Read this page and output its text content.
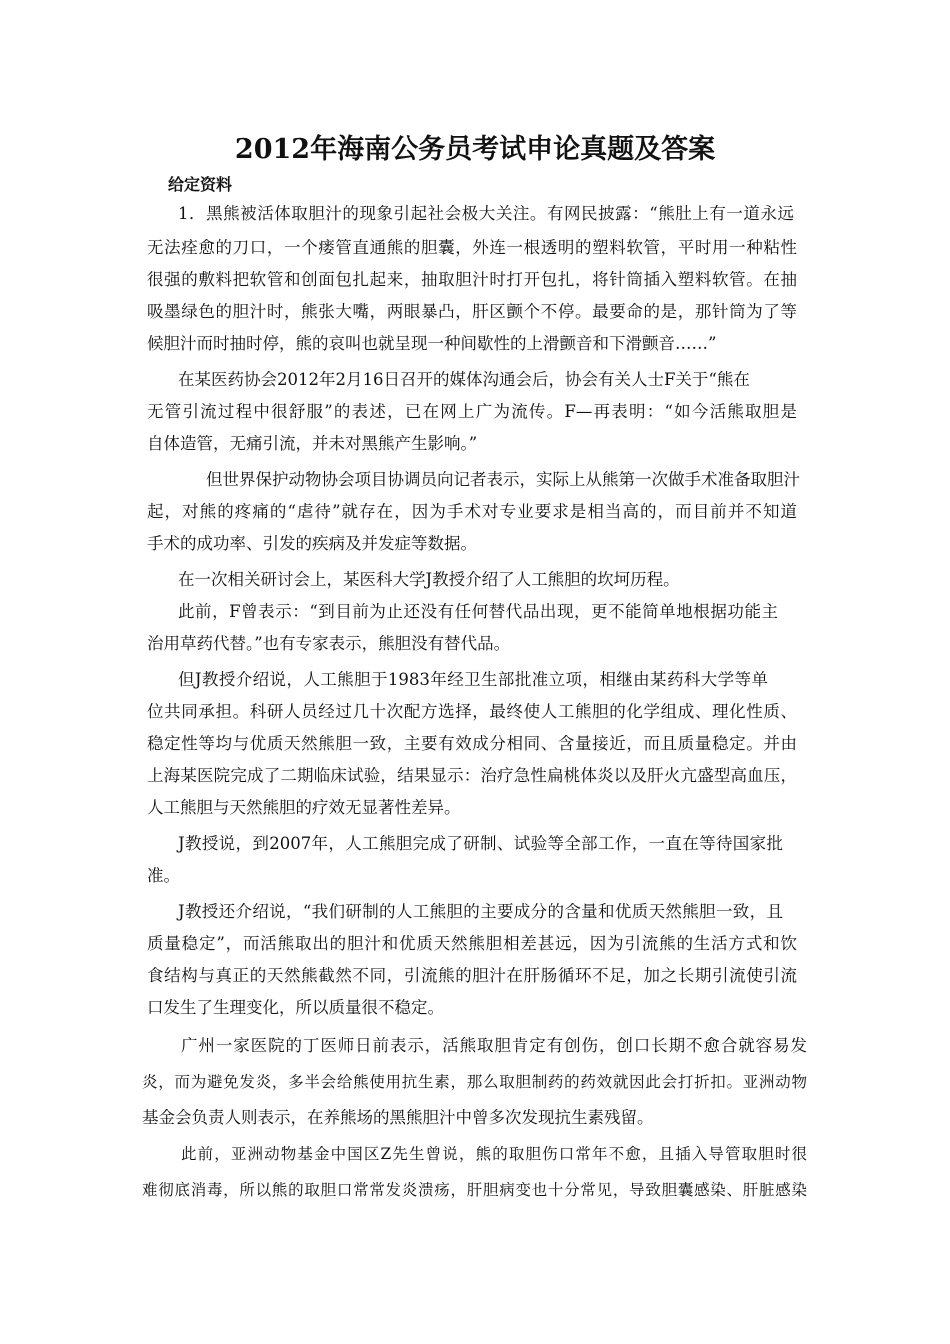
2012年海南公务员考试申论真题及答案
给定资料

1．黑熊被活体取胆汁的现象引起社会极大关注。有网民披露：“熊肚上有一道永远

无法痊愈的刀口，一个瘘管直通熊的胆囊，外连一根透明的塑料软管，平时用一种粘性

很强的敷料把软管和创面包扎起来，抽取胆汁时打开包扎，将针筒插入塑料软管。在抽

吸墨绿色的胆汁时，熊张大嘴，两眼暴凸，肝区颤个不停。最要命的是，那针筒为了等

候胆汁而时抽时停，熊的哀叫也就呈现一种间歇性的上滑颤音和下滑颤音……”

在某医药协会2012年2月16日召开的媒体沟通会后，协会有关人士F关于“熊在

无管引流过程中很舒服”的表述，已在网上广为流传。F—再表明：“如今活熊取胆是

自体造管，无痛引流，并未对黑熊产生影响。”

但世界保护动物协会项目协调员向记者表示，实际上从熊第一次做手术准备取胆汁

起，对熊的疼痛的“虐待”就存在，因为手术对专业要求是相当高的，而目前并不知道

手术的成功率、引发的疾病及并发症等数据。

在一次相关研讨会上，某医科大学J教授介绍了人工熊胆的坎坷历程。

此前，F曾表示：“到目前为止还没有任何替代品出现，更不能简单地根据功能主

治用草药代替。”也有专家表示，熊胆没有替代品。

但J教授介绍说，人工熊胆于1983年经卫生部批准立项，相继由某药科大学等单

位共同承担。科研人员经过几十次配方选择，最终使人工熊胆的化学组成、理化性质、

稳定性等均与优质天然熊胆一致，主要有效成分相同、含量接近，而且质量稳定。并由

上海某医院完成了二期临床试验，结果显示：治疗急性扁桃体炎以及肝火亢盛型高血压，

人工熊胆与天然熊胆的疗效无显著性差异。

J教授说，到2007年，人工熊胆完成了研制、试验等全部工作，一直在等待国家批

准。

J教授还介绍说，“我们研制的人工熊胆的主要成分的含量和优质天然熊胆一致，且

质量稳定”，而活熊取出的胆汁和优质天然熊胆相差甚远，因为引流熊的生活方式和饮

食结构与真正的天然熊截然不同，引流熊的胆汁在肝肠循环不足，加之长期引流使引流

口发生了生理变化，所以质量很不稳定。

广州一家医院的丁医师日前表示，活熊取胆肯定有创伤，创口长期不愈合就容易发

炎，而为避免发炎，多半会给熊使用抗生素，那么取胆制药的药效就因此会打折扣。亚洲动物

基金会负责人则表示，在养熊场的黑熊胆汁中曾多次发现抗生素残留。

此前，亚洲动物基金中国区Z先生曾说，熊的取胆伤口常年不愈，且插入导管取胆时很

难彻底消毒，所以熊的取胆口常常发炎溃疡，肝胆病变也十分常见，导致胆囊感染、肝脏感染
